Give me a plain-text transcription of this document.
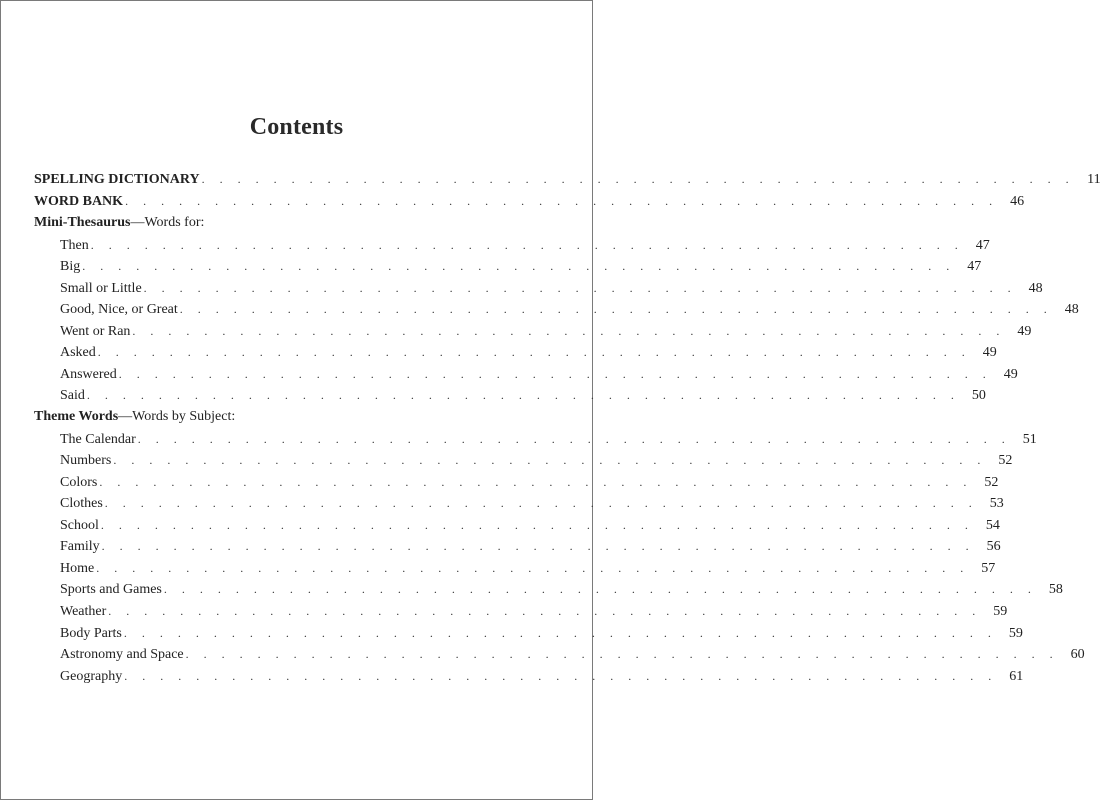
Contents
SPELLING DICTIONARY . . . . . . . . . . . . . . . . . . . . . . . . . . . . . . . . . . . . . . . . . . . . . . . . . 11
WORD BANK . . . . . . . . . . . . . . . . . . . . . . . . . . . . . . . . . . . . . . . . . . . . . . . . . 46
Mini-Thesaurus—Words for:
Then . . . . . . . . . . . . . . . . . . . . . . . . . . . . . . . . . . . . . . . . . . . . . . . . . 47
Big . . . . . . . . . . . . . . . . . . . . . . . . . . . . . . . . . . . . . . . . . . . . . . . . . 47
Small or Little . . . . . . . . . . . . . . . . . . . . . . . . . . . . . . . . . . . . . . . . . . . . . . . . . 48
Good, Nice, or Great . . . . . . . . . . . . . . . . . . . . . . . . . . . . . . . . . . . . . . . . . . . . . . . . . 48
Went or Ran . . . . . . . . . . . . . . . . . . . . . . . . . . . . . . . . . . . . . . . . . . . . . . . . . 49
Asked . . . . . . . . . . . . . . . . . . . . . . . . . . . . . . . . . . . . . . . . . . . . . . . . . 49
Answered . . . . . . . . . . . . . . . . . . . . . . . . . . . . . . . . . . . . . . . . . . . . . . . . . 49
Said . . . . . . . . . . . . . . . . . . . . . . . . . . . . . . . . . . . . . . . . . . . . . . . . . 50
Theme Words—Words by Subject:
The Calendar . . . . . . . . . . . . . . . . . . . . . . . . . . . . . . . . . . . . . . . . . . . . . . . . . 51
Numbers . . . . . . . . . . . . . . . . . . . . . . . . . . . . . . . . . . . . . . . . . . . . . . . . . 52
Colors . . . . . . . . . . . . . . . . . . . . . . . . . . . . . . . . . . . . . . . . . . . . . . . . . 52
Clothes . . . . . . . . . . . . . . . . . . . . . . . . . . . . . . . . . . . . . . . . . . . . . . . . . 53
School . . . . . . . . . . . . . . . . . . . . . . . . . . . . . . . . . . . . . . . . . . . . . . . . . 54
Family . . . . . . . . . . . . . . . . . . . . . . . . . . . . . . . . . . . . . . . . . . . . . . . . . 56
Home . . . . . . . . . . . . . . . . . . . . . . . . . . . . . . . . . . . . . . . . . . . . . . . . . 57
Sports and Games . . . . . . . . . . . . . . . . . . . . . . . . . . . . . . . . . . . . . . . . . . . . . . . . . 58
Weather . . . . . . . . . . . . . . . . . . . . . . . . . . . . . . . . . . . . . . . . . . . . . . . . . 59
Body Parts . . . . . . . . . . . . . . . . . . . . . . . . . . . . . . . . . . . . . . . . . . . . . . . . . 59
Astronomy and Space . . . . . . . . . . . . . . . . . . . . . . . . . . . . . . . . . . . . . . . . . . . . . . . . . 60
Geography . . . . . . . . . . . . . . . . . . . . . . . . . . . . . . . . . . . . . . . . . . . . . . . . . 61
